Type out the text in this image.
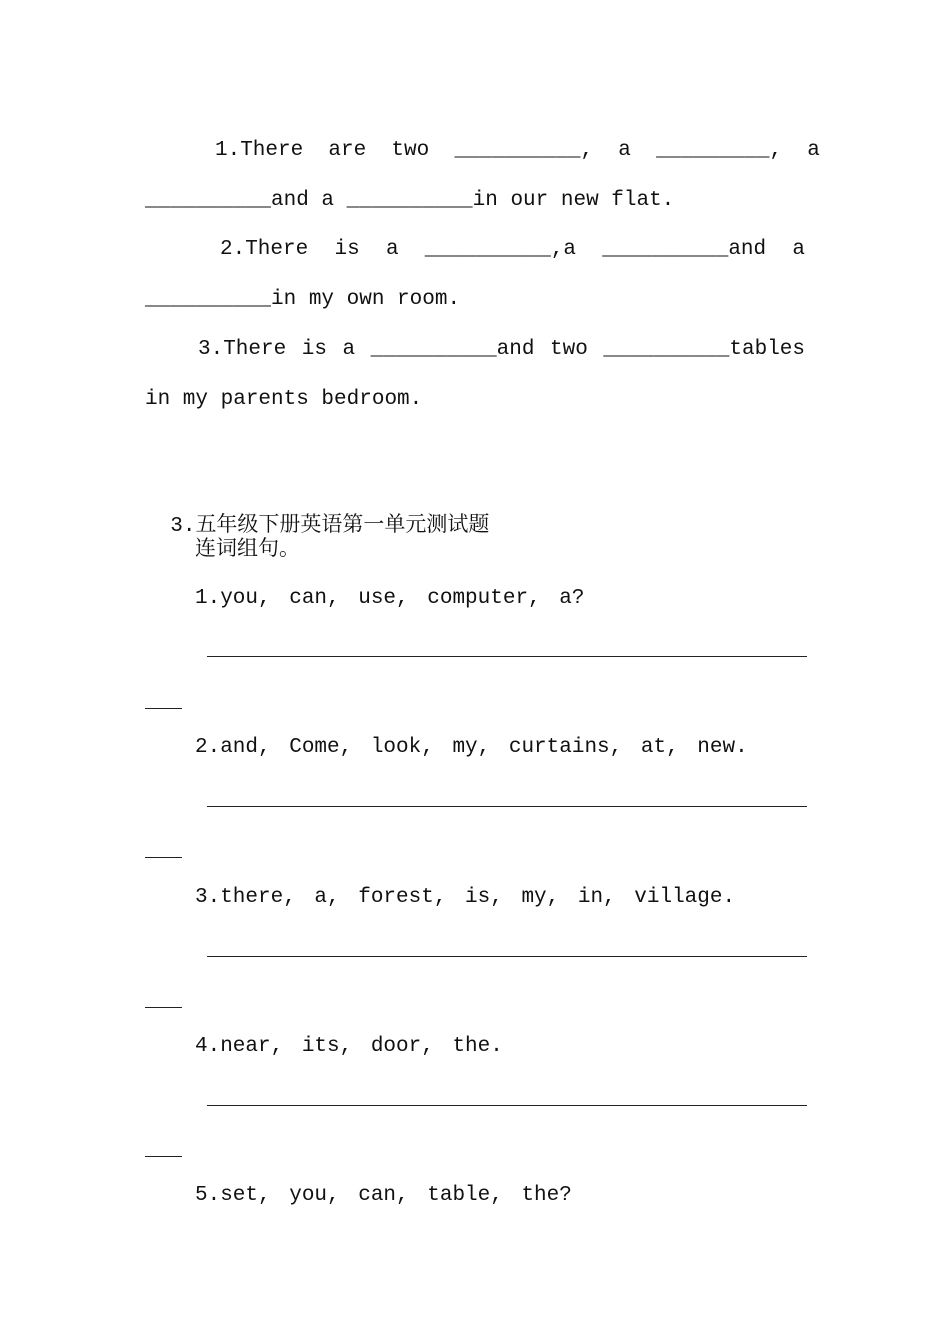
1.There  are  two  __________,  a  _________,  a
__________and a __________in our new flat.
2.There  is  a  __________,a  __________and  a
__________in my own room.
3.There is a __________and two __________tables
in my parents bedroom.

3.五年级下册英语第一单元测试题

连词组句。
1.you, can, use, computer, a?
2.and, Come, look, my, curtains, at, new.
3.there, a, forest, is, my, in, village.
4.near, its, door, the.
5.set, you, can, table, the?
